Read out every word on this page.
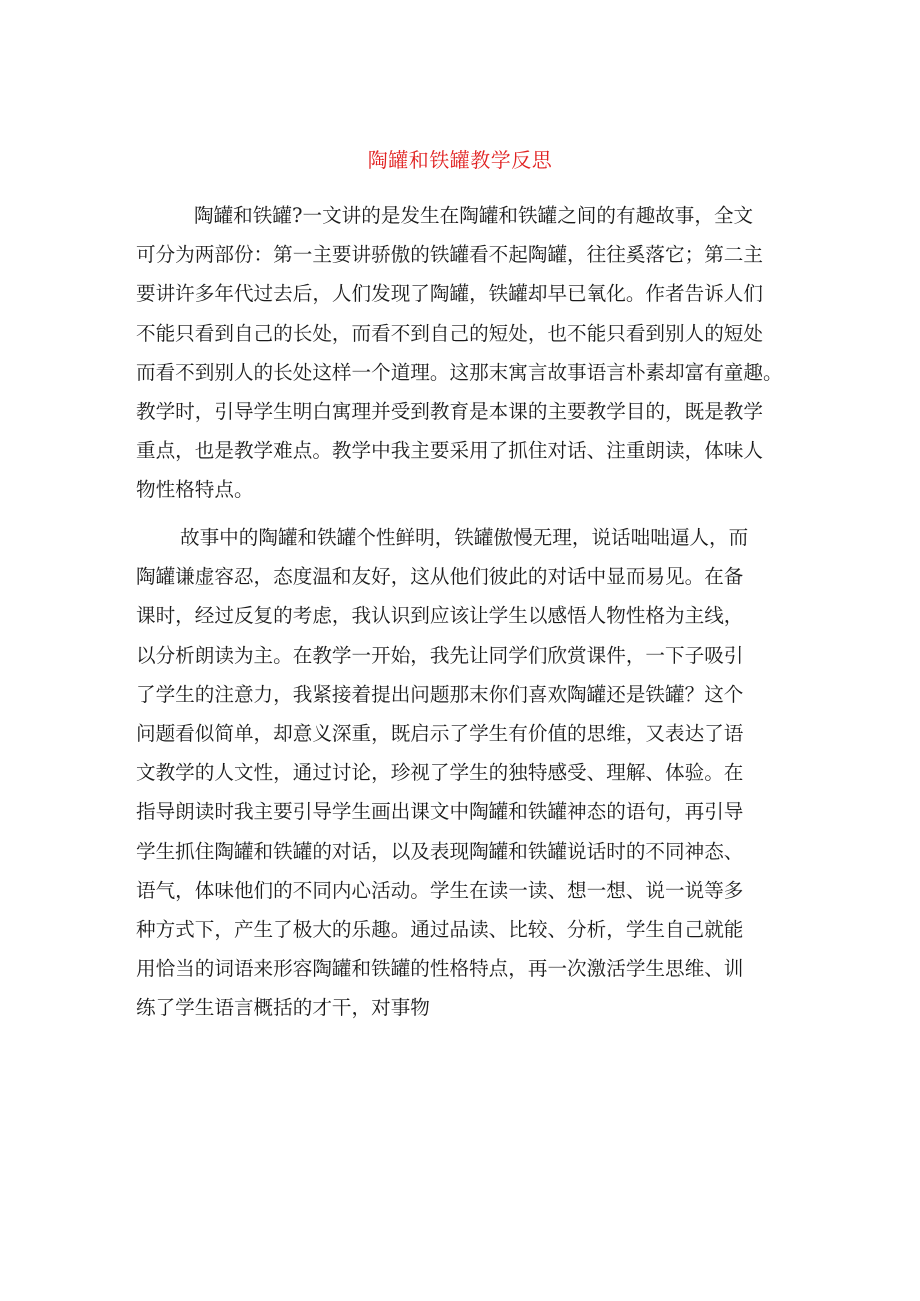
陶罐和铁罐教学反思
陶罐和铁罐?一文讲的是发生在陶罐和铁罐之间的有趣故事，全文
可分为两部份：第一主要讲骄傲的铁罐看不起陶罐，往往奚落它；第二主
要讲许多年代过去后，人们发现了陶罐，铁罐却早已氧化。作者告诉人们
不能只看到自己的长处，而看不到自己的短处，也不能只看到别人的短处
而看不到别人的长处这样一个道理。这那末寓言故事语言朴素却富有童趣。
教学时，引导学生明白寓理并受到教育是本课的主要教学目的，既是教学
重点，也是教学难点。教学中我主要采用了抓住对话、注重朗读，体味人
物性格特点。
故事中的陶罐和铁罐个性鲜明，铁罐傲慢无理，说话咄咄逼人，而
陶罐谦虚容忍，态度温和友好，这从他们彼此的对话中显而易见。在备
课时，经过反复的考虑，我认识到应该让学生以感悟人物性格为主线，
以分析朗读为主。在教学一开始，我先让同学们欣赏课件，一下子吸引
了学生的注意力，我紧接着提出问题那末你们喜欢陶罐还是铁罐？这个
问题看似简单，却意义深重，既启示了学生有价值的思维，又表达了语
文教学的人文性，通过讨论，珍视了学生的独特感受、理解、体验。在
指导朗读时我主要引导学生画出课文中陶罐和铁罐神态的语句，再引导
学生抓住陶罐和铁罐的对话，以及表现陶罐和铁罐说话时的不同神态、
语气，体味他们的不同内心活动。学生在读一读、想一想、说一说等多
种方式下，产生了极大的乐趣。通过品读、比较、分析，学生自己就能
用恰当的词语来形容陶罐和铁罐的性格特点，再一次激活学生思维、训
练了学生语言概括的才干，对事物
